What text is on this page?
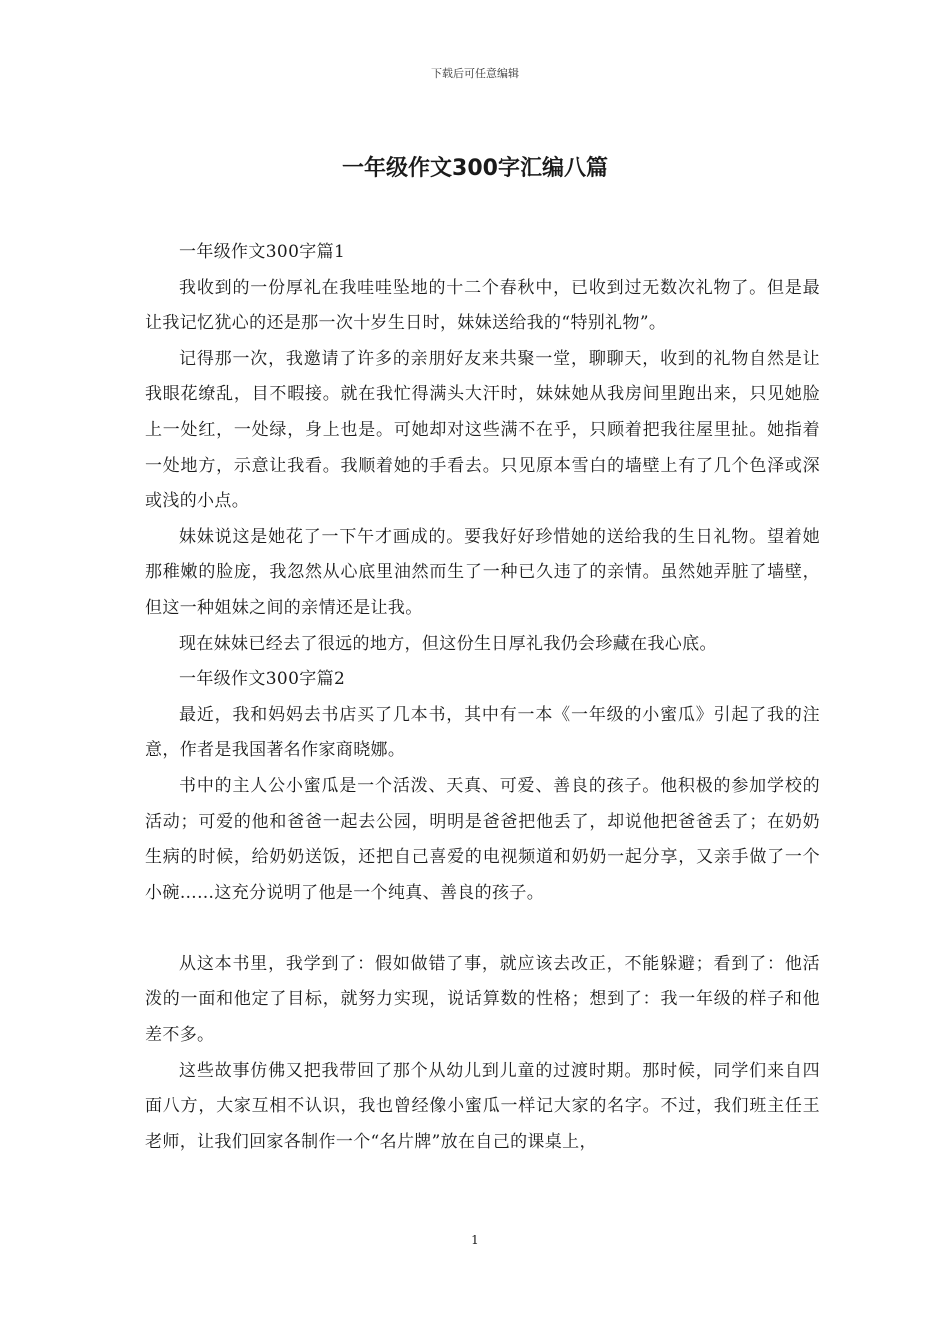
下载后可任意编辑
一年级作文300字汇编八篇

一年级作文300字篇1

我收到的一份厚礼在我哇哇坠地的十二个春秋中，已收到过无数次礼物了。但是最让我记忆犹心的还是那一次十岁生日时，妹妹送给我的“特别礼物”。

记得那一次，我邀请了许多的亲朋好友来共聚一堂，聊聊天，收到的礼物自然是让我眼花缭乱，目不暇接。就在我忙得满头大汗时，妹妹她从我房间里跑出来，只见她脸上一处红，一处绿，身上也是。可她却对这些满不在乎，只顾着把我往屋里扯。她指着一处地方，示意让我看。我顺着她的手看去。只见原本雪白的墙壁上有了几个色泽或深或浅的小点。

妹妹说这是她花了一下午才画成的。要我好好珍惜她的送给我的生日礼物。望着她那稚嫩的脸庞，我忽然从心底里油然而生了一种已久违了的亲情。虽然她弄脏了墙壁，但这一种姐妹之间的亲情还是让我。

现在妹妹已经去了很远的地方，但这份生日厚礼我仍会珍藏在我心底。

一年级作文300字篇2

最近，我和妈妈去书店买了几本书，其中有一本《一年级的小蜜瓜》引起了我的注意，作者是我国著名作家商晓娜。

书中的主人公小蜜瓜是一个活泼、天真、可爱、善良的孩子。他积极的参加学校的活动；可爱的他和爸爸一起去公园，明明是爸爸把他丢了，却说他把爸爸丢了；在奶奶生病的时候，给奶奶送饭，还把自己喜爱的电视频道和奶奶一起分享，又亲手做了一个小碗……这充分说明了他是一个纯真、善良的孩子。

从这本书里，我学到了：假如做错了事，就应该去改正，不能躲避；看到了：他活泼的一面和他定了目标，就努力实现，说话算数的性格；想到了：我一年级的样子和他差不多。

这些故事仿佛又把我带回了那个从幼儿到儿童的过渡时期。那时候，同学们来自四面八方，大家互相不认识，我也曾经像小蜜瓜一样记大家的名字。不过，我们班主任王老师，让我们回家各制作一个“名片牌”放在自己的课桌上，

1
